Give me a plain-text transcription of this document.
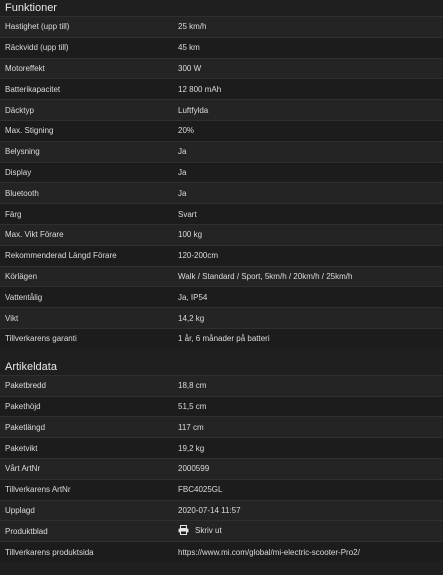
Funktioner
Hastighet (upp till)	25 km/h
Räckvidd (upp till)	45 km
Motoreffekt	300 W
Batterikapacitet	12 800 mAh
Däcktyp	Luftfylda
Max. Stigning	20%
Belysning	Ja
Display	Ja
Bluetooth	Ja
Färg	Svart
Max. Vikt Förare	100 kg
Rekommenderad Längd Förare	120-200cm
Körlägen	Walk / Standard / Sport, 5km/h / 20km/h / 25km/h
Vattentålig	Ja, IP54
Vikt	14,2 kg
Tillverkarens garanti	1 år, 6 månader på batteri
Artikeldata
Paketbredd	18,8 cm
Pakethöjd	51,5 cm
Paketlängd	117 cm
Paketvikt	19,2 kg
Vårt ArtNr	2000599
Tillverkarens ArtNr	FBC4025GL
Upplagd	2020-07-14 11:57
Produktblad	Skriv ut
Tillverkarens produktsida	https://www.mi.com/global/mi-electric-scooter-Pro2/
